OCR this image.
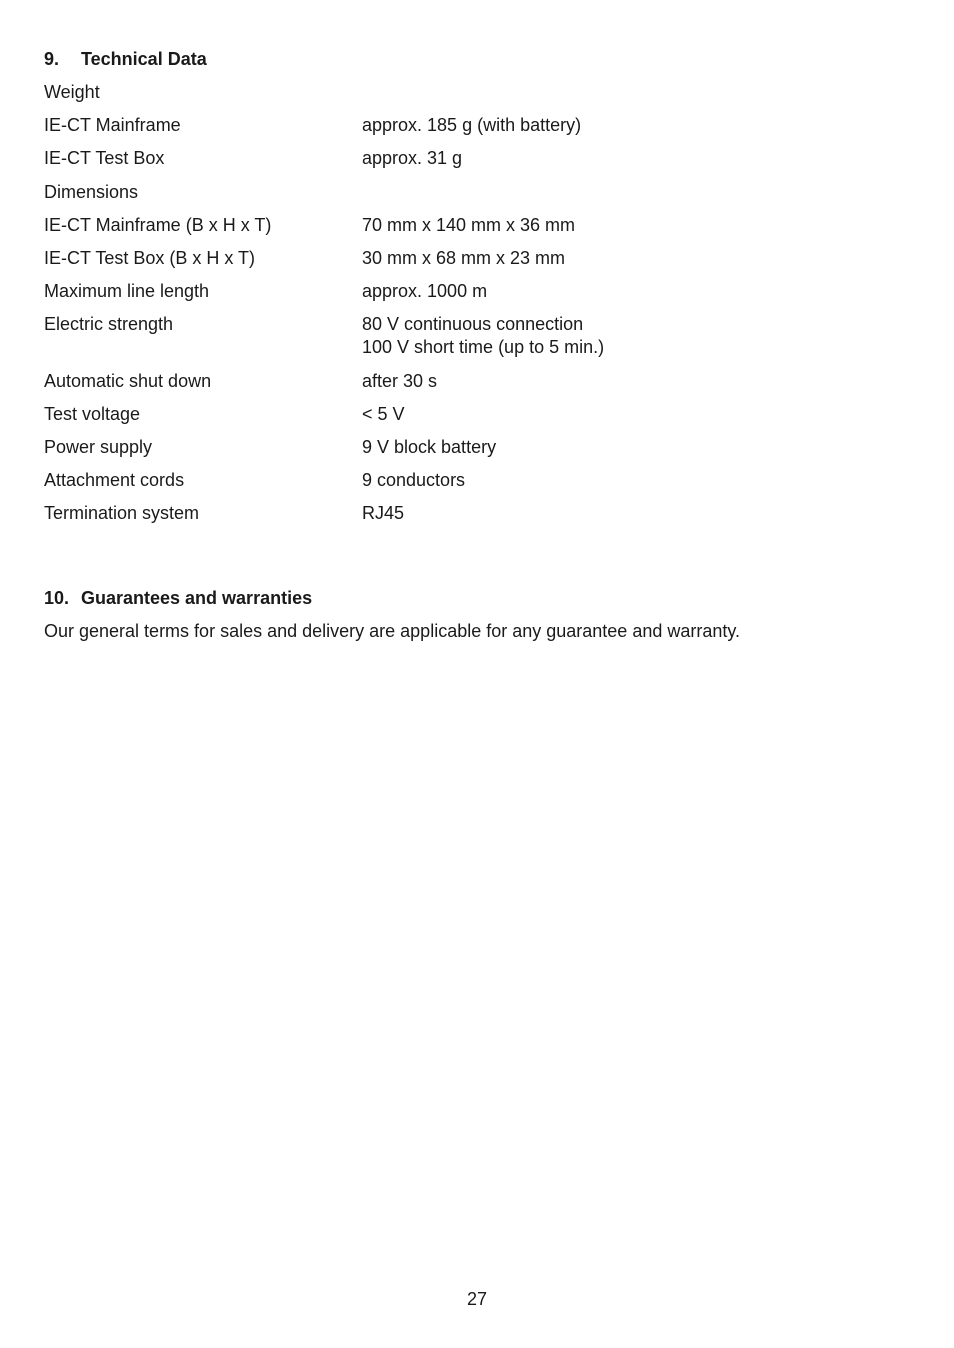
9. Technical Data
Weight
IE-CT Mainframe	approx. 185 g (with battery)
IE-CT Test Box	approx. 31 g
Dimensions
IE-CT Mainframe (B x H x T)	70 mm x 140 mm x 36 mm
IE-CT Test Box (B x H x T)	30 mm x 68 mm x 23 mm
Maximum line length	approx. 1000 m
Electric strength	80 V continuous connection
100 V short time (up to 5 min.)
Automatic shut down	after 30 s
Test voltage	< 5 V
Power supply	9 V block battery
Attachment cords	9 conductors
Termination system	RJ45
10. Guarantees and warranties
Our general terms for sales and delivery are applicable for any guarantee and warranty.
27
